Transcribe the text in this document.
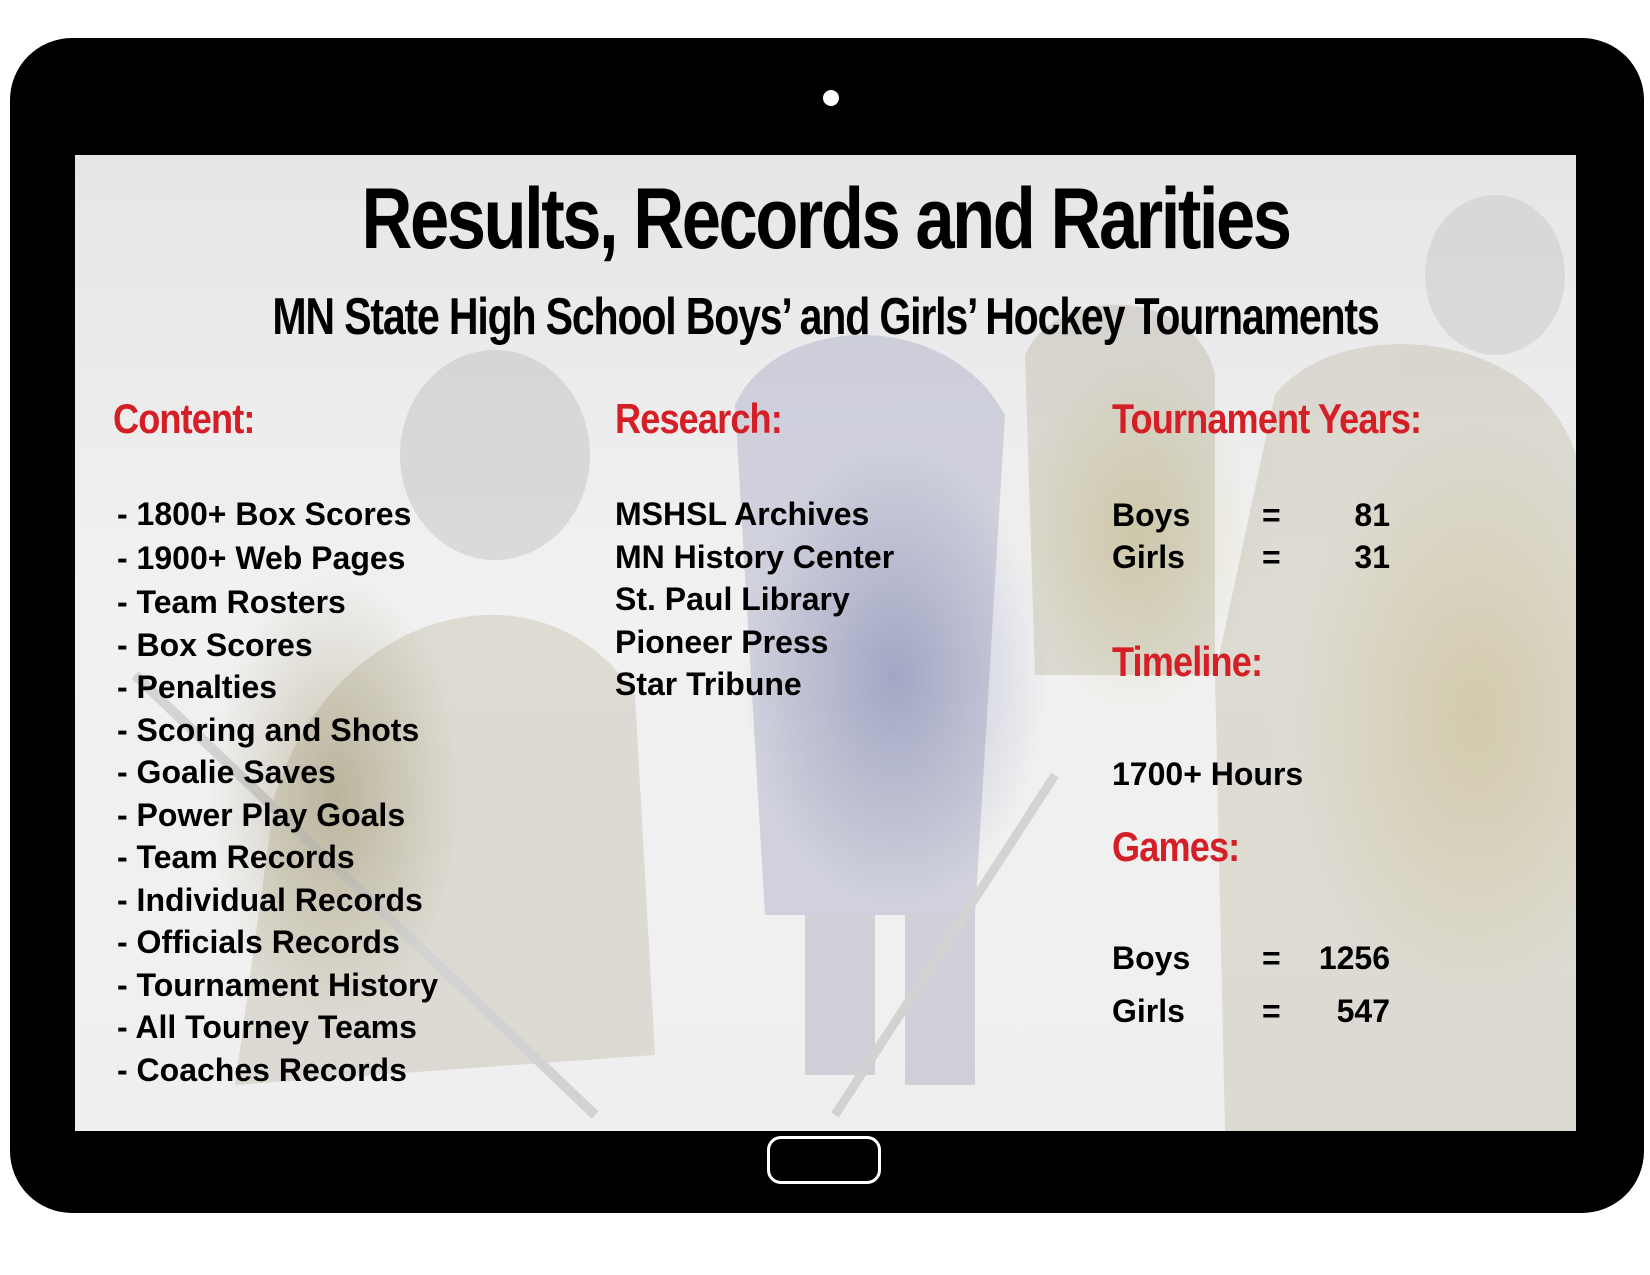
Results, Records and Rarities
MN State High School Boys’ and Girls’ Hockey Tournaments
Content:
- 1800+ Box Scores
- 1900+ Web Pages
- Team Rosters
- Box Scores
- Penalties
- Scoring and Shots
- Goalie Saves
- Power Play Goals
- Team Records
- Individual Records
- Officials Records
- Tournament History
- All Tourney Teams
- Coaches Records
Research:
MSHSL Archives
MN History Center
St. Paul Library
Pioneer Press
Star Tribune
Tournament Years:
Boys = 81
Girls = 31
Timeline:
1700+ Hours
Games:
Boys = 1256
Girls = 547
